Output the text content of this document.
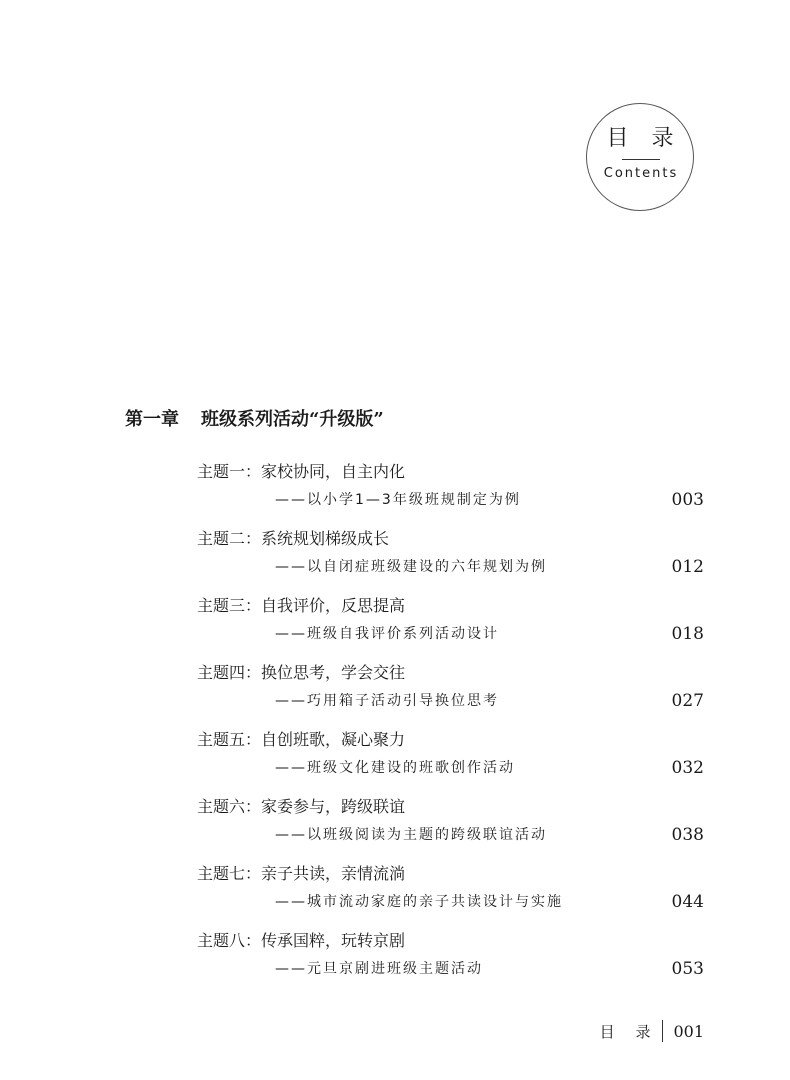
目 录
Contents
第一章 班级系列活动“升级版”
主题一：家校协同，自主内化
——以小学1—3年级班规制定为例	003
主题二：系统规划梯级成长
——以自闭症班级建设的六年规划为例	012
主题三：自我评价，反思提高
——班级自我评价系列活动设计	018
主题四：换位思考，学会交往
——巧用箱子活动引导换位思考	027
主题五：自创班歌，凝心聚力
——班级文化建设的班歌创作活动	032
主题六：家委参与，跨级联谊
——以班级阅读为主题的跨级联谊活动	038
主题七：亲子共读，亲情流淌
——城市流动家庭的亲子共读设计与实施	044
主题八：传承国粹，玩转京剧
——元旦京剧进班级主题活动	053
目 录 001
